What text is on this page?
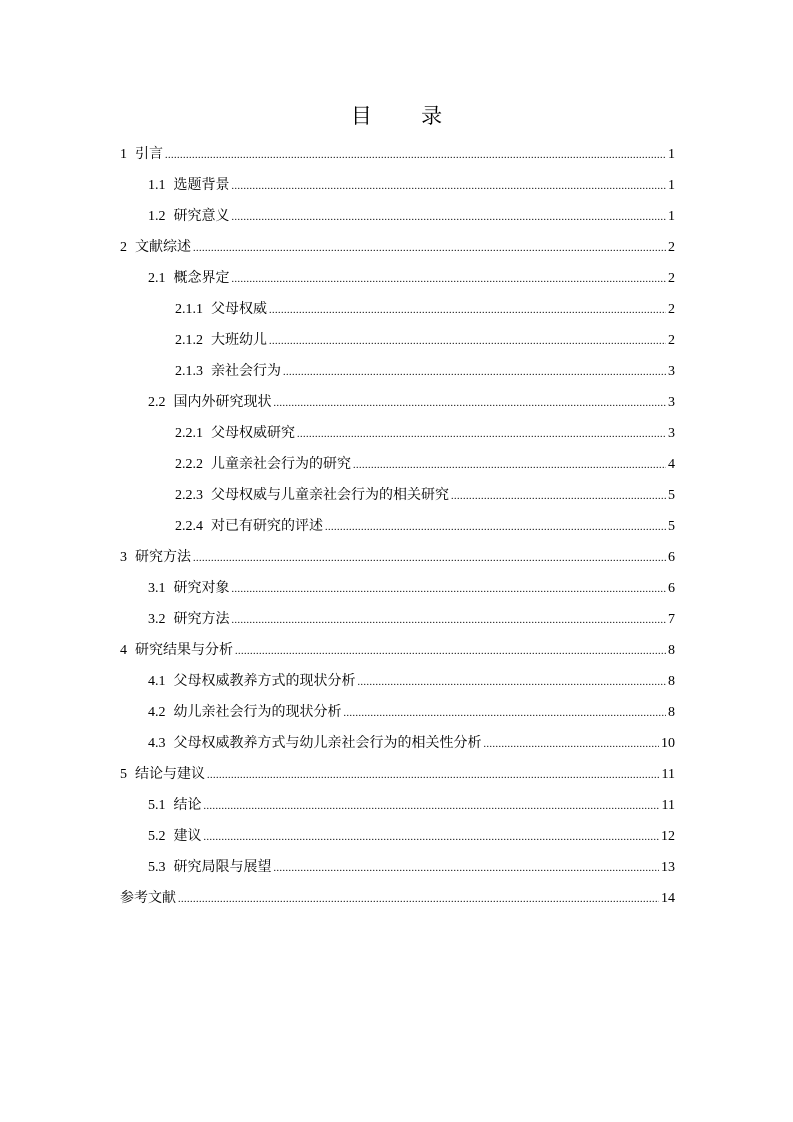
目 录
1 引言 .....	1
1.1 选题背景 .....	1
1.2 研究意义 .....	1
2 文献综述 .....	2
2.1 概念界定 .....	2
2.1.1 父母权威 .....	2
2.1.2 大班幼儿 .....	2
2.1.3 亲社会行为 .....	3
2.2 国内外研究现状 .....	3
2.2.1 父母权威研究 .....	3
2.2.2 儿童亲社会行为的研究 .....	4
2.2.3 父母权威与儿童亲社会行为的相关研究 .....	5
2.2.4 对已有研究的评述 .....	5
3 研究方法 .....	6
3.1 研究对象 .....	6
3.2 研究方法 .....	7
4 研究结果与分析 .....	8
4.1 父母权威教养方式的现状分析 .....	8
4.2 幼儿亲社会行为的现状分析 .....	8
4.3 父母权威教养方式与幼儿亲社会行为的相关性分析 .....	10
5 结论与建议 .....	11
5.1 结论 .....	11
5.2 建议 .....	12
5.3 研究局限与展望 .....	13
参考文献 .....	14
